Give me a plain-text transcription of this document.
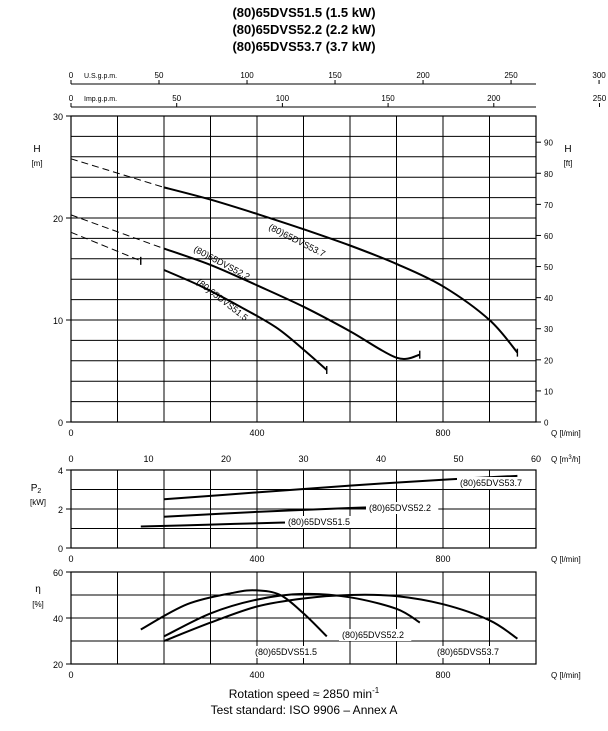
(80)65DVS51.5 (1.5 kW)
(80)65DVS52.2 (2.2 kW)
(80)65DVS53.7 (3.7 kW)
0
10
20
30
0
2
4
20
40
60
H
[m]
H
[ft]
$P_2$
[kW]
η
[%]
0
10
20
30
40
50
60
70
80
90
0	50	100	150	200	250	300
U.S.g.p.m.
0	50	100	150	200	250
Imp.g.p.m.
0	400	800	Q [l/min]
0	400	800	Q [l/min]
0	400	800	Q [l/min]
0	10	20	30	40	50	60 Q $[m^3/h]$
(80)65DVS51.5
(80)65DVS52.2
(80)65DVS53.7
(80)65DVS53.7
(80)65DVS52.2
(80)65DVS51.5
(80)65DVS51.5
(80)65DVS52.2
(80)65DVS53.7
Rotation speed ≈ 2850 $\min^{-1}$
Test standard: ISO 9906 – Annex A
